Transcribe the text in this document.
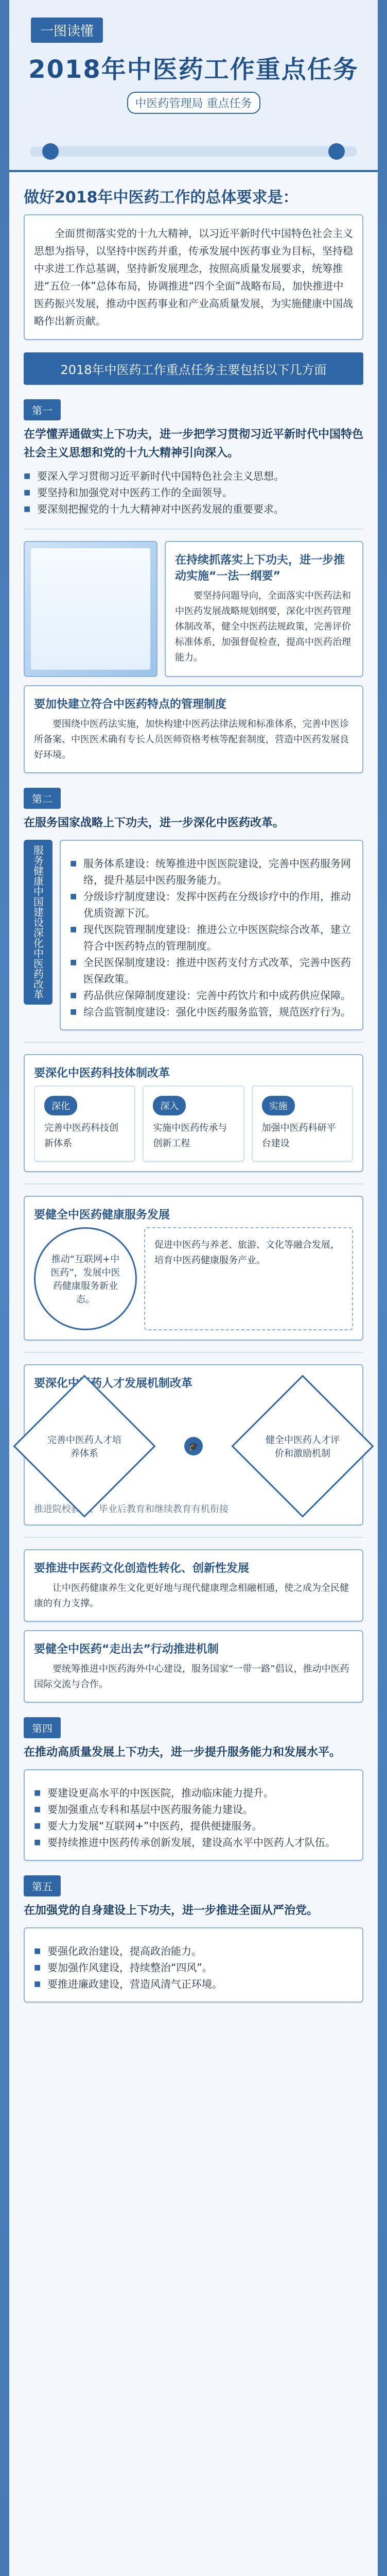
一图读懂
2018年中医药工作重点任务
中医药管理局 重点任务
做好2018年中医药工作的总体要求是：
全面贯彻落实党的十九大精神，以习近平新时代中国特色社会主义思想为指导，以坚持中医药并重，传承发展中医药事业为目标，坚持稳中求进工作总基调，坚持新发展理念，按照高质量发展要求，统筹推进“五位一体”总体布局，协调推进“四个全面”战略布局，加快推进中医药振兴发展，推动中医药事业和产业高质量发展，为实施健康中国战略作出新贡献。
2018年中医药工作重点任务主要包括以下几方面
第一
在学懂弄通做实上下功夫，进一步把学习贯彻习近平新时代中国特色社会主义思想和党的十九大精神引向深入。
■ 要深入学习贯彻习近平新时代中国特色社会主义思想。
■ 要坚持和加强党对中医药工作的全面领导。
■ 要深刻把握党的十九大精神对中医药发展的重要要求。
在持续抓落实上下功夫，进一步推动实施“一法一纲要”
要坚持问题导向，全面落实中医药法和中医药发展战略规划纲要，深化中医药管理体制改革，健全中医药法规政策，完善评价标准体系，加强督促检查，提高中医药治理能力。
要加快建立符合中医药特点的管理制度
要围绕中医药法实施，加快构建中医药法律法规和标准体系，完善中医诊所备案、中医医术确有专长人员医师资格考核等配套制度，营造中医药发展良好环境。
第二
在服务国家战略上下功夫，进一步深化中医药改革。
服务健康中国建设深化中医药改革
■	服务体系建设：统筹推进中医医院建设，完善中医药服务网络，提升基层中医药服务能力。
■ 分级诊疗制度建设：发挥中医药在分级诊疗中的作用，推动优质资源下沉。
■ 现代医院管理制度建设：推进公立中医医院综合改革，建立符合中医药特点的管理制度。
■ 全民医保制度建设：推进中医药支付方式改革，完善中医药医保政策。
■ 药品供应保障制度建设：完善中药饮片和中成药供应保障。
■ 综合监管制度建设：强化中医药服务监管，规范医疗行为。
要深化中医药科技体制改革
深化
完善中医药科技创新体系
深入
实施中医药传承与创新工程
实施
加强中医药科研平台建设
要健全中医药健康服务发展
推动“互联网+中医药”，发展中医药健康服务新业态。
促进中医药与养老、旅游、文化等融合发展，培育中医药健康服务产业。
要深化中医药人才发展机制改革
完善中医药人才培养体系
🎓
健全中医药人才评价和激励机制
推进院校教育、毕业后教育和继续教育有机衔接
要推进中医药文化创造性转化、创新性发展
让中医药健康养生文化更好地与现代健康理念相融相通，使之成为全民健康的有力支撑。
要健全中医药“走出去”行动推进机制
要统筹推进中医药海外中心建设，服务国家“一带一路”倡议，推动中医药国际交流与合作。
第四
在推动高质量发展上下功夫，进一步提升服务能力和发展水平。
■ 要建设更高水平的中医医院，推动临床能力提升。
■ 要加强重点专科和基层中医药服务能力建设。
■ 要大力发展“互联网+”中医药，提供便捷服务。
■ 要持续推进中医药传承创新发展，建设高水平中医药人才队伍。
第五
在加强党的自身建设上下功夫，进一步推进全面从严治党。
■ 要强化政治建设，提高政治能力。
■ 要加强作风建设，持续整治“四风”。
■ 要推进廉政建设，营造风清气正环境。
